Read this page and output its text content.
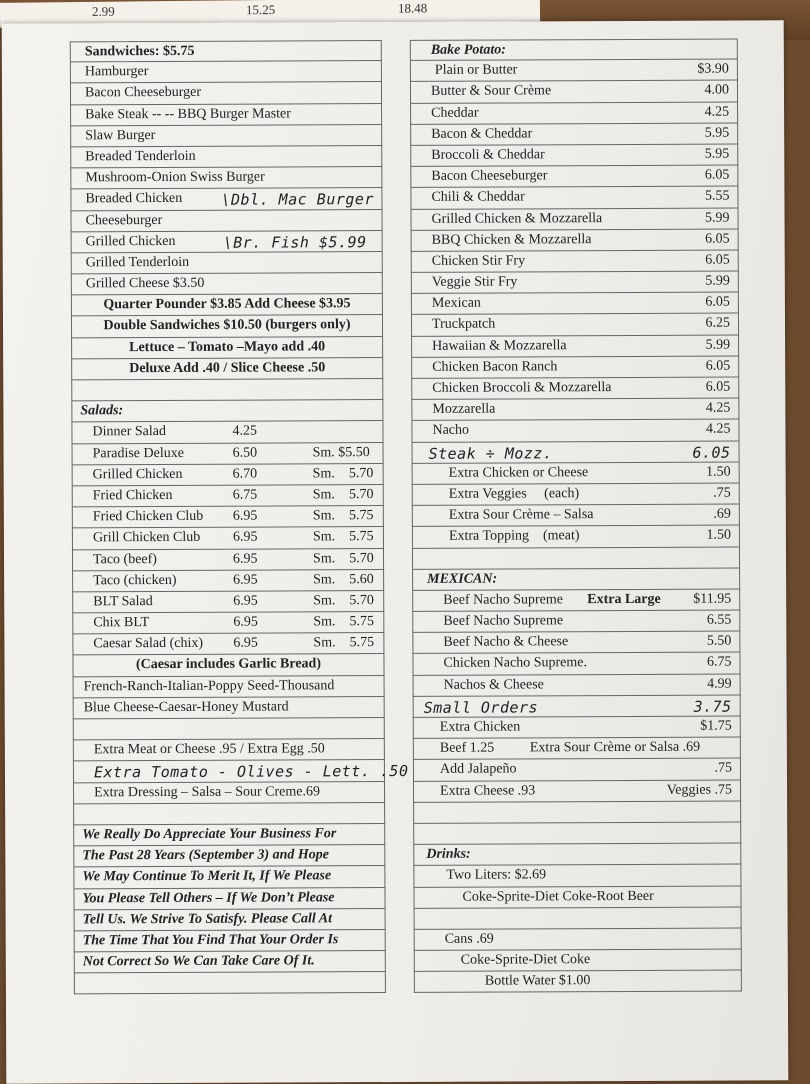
2.99	15.25	18.48
Sandwiches: $5.75
Hamburger
Bacon Cheeseburger
Bake Steak -- -- BBQ Burger Master
Slaw Burger
Breaded Tenderloin
Mushroom-Onion Swiss Burger
Breaded Chicken	\Dbl. Mac Burger
Cheeseburger
Grilled Chicken	\Br. Fish $5.99
Grilled Tenderloin
Grilled Cheese $3.50
Quarter Pounder $3.85 Add Cheese $3.95
Double Sandwiches $10.50 (burgers only)
Lettuce – Tomato –Mayo add .40
Deluxe Add .40 / Slice Cheese .50
Salads:
Dinner Salad	4.25
Paradise Deluxe	6.50	Sm. $5.50
Grilled Chicken	6.70	Sm.    5.70
Fried Chicken	6.75	Sm.    5.70
Fried Chicken Club 6.95	Sm.    5.75
Grill Chicken Club 6.95	Sm.    5.75
Taco (beef)	6.95	Sm.    5.70
Taco (chicken)	6.95	Sm.    5.60
BLT Salad	6.95	Sm.    5.70
Chix BLT	6.95	Sm.    5.75
Caesar Salad (chix) 6.95	Sm.    5.75
(Caesar includes Garlic Bread)
French-Ranch-Italian-Poppy Seed-Thousand
Blue Cheese-Caesar-Honey Mustard
Extra Meat or Cheese .95 / Extra Egg .50
Extra Tomato - Olives - Lett. .50
Extra Dressing – Salsa – Sour Creme.69
We Really Do Appreciate Your Business For
The Past 28 Years (September 3) and Hope
We May Continue To Merit It, If We Please
You Please Tell Others – If We Don’t Please
Tell Us. We Strive To Satisfy. Please Call At
The Time That You Find That Your Order Is
Not Correct So We Can Take Care Of It.
Bake Potato:
Plain or Butter	$3.90
Butter & Sour Crème	4.00
Cheddar	4.25
Bacon & Cheddar	5.95
Broccoli & Cheddar	5.95
Bacon Cheeseburger	6.05
Chili & Cheddar	5.55
Grilled Chicken & Mozzarella	5.99
BBQ Chicken & Mozzarella	6.05
Chicken Stir Fry	6.05
Veggie Stir Fry	5.99
Mexican	6.05
Truckpatch	6.25
Hawaiian & Mozzarella	5.99
Chicken Bacon Ranch	6.05
Chicken Broccoli & Mozzarella	6.05
Mozzarella	4.25
Nacho	4.25
Steak ÷ Mozz.	6.05
Extra Chicken or Cheese	1.50
Extra Veggies     (each)	.75
Extra Sour Crème – Salsa	.69
Extra Topping    (meat)	1.50
MEXICAN:
Beef Nacho Supreme Extra Large $11.95
Beef Nacho Supreme	6.55
Beef Nacho & Cheese	5.50
Chicken Nacho Supreme.	6.75
Nachos & Cheese	4.99
Small Orders	3.75
Extra Chicken	$1.75
Beef 1.25	Extra Sour Crème or Salsa .69
Add Jalapeño	.75
Extra Cheese .93	Veggies .75
Drinks:
Two Liters: $2.69
Coke-Sprite-Diet Coke-Root Beer
Cans .69
Coke-Sprite-Diet Coke
Bottle Water $1.00
